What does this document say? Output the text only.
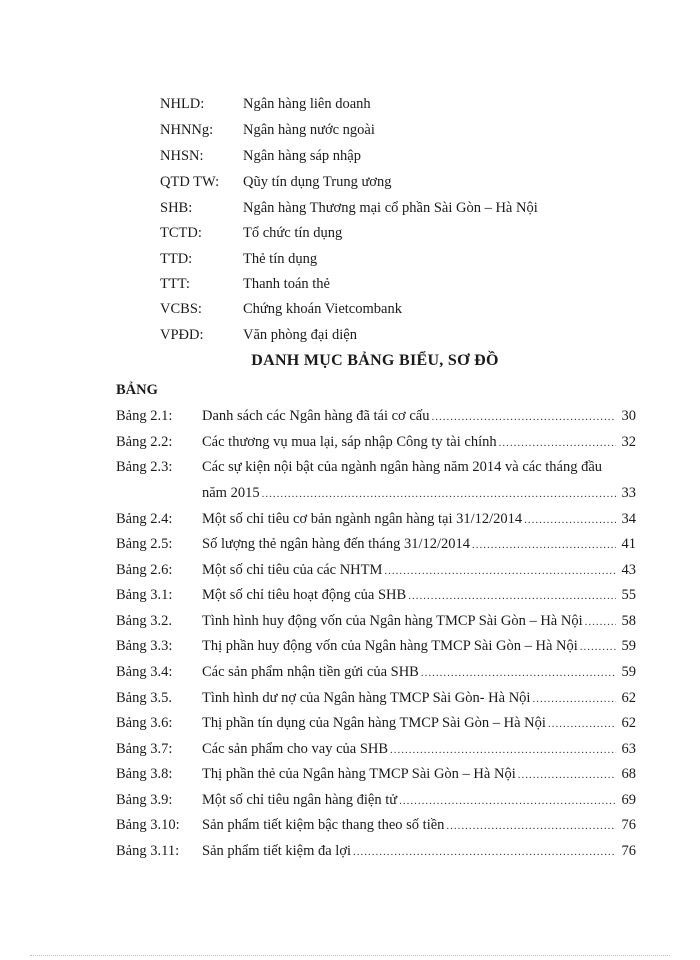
NHLD:	Ngân hàng liên doanh
NHNNg: Ngân hàng nước ngoài
NHSN:	Ngân hàng sáp nhập
QTD TW: Qũy tín dụng Trung ương
SHB:	Ngân hàng Thương mại cổ phần Sài Gòn – Hà Nội
TCTD:	Tổ chức tín dụng
TTD:	Thẻ tín dụng
TTT:	Thanh toán thẻ
VCBS:	Chứng khoán Vietcombank
VPĐD:	Văn phòng đại diện
DANH MỤC BẢNG BIỂU, SƠ ĐỒ
BẢNG
Bảng 2.1: Danh sách các Ngân hàng đã tái cơ cấu .....	30
Bảng 2.2: Các thương vụ mua lại, sáp nhập Công ty tài chính .....	32
Bảng 2.3: Các sự kiện nội bật của ngành ngân hàng năm 2014 và các tháng đầu
năm 2015 .....	33
Bảng 2.4: Một số chỉ tiêu cơ bản ngành ngân hàng tại 31/12/2014 .....	34
Bảng 2.5: Số lượng thẻ ngân hàng đến tháng 31/12/2014 .....	41
Bảng 2.6: Một số chỉ tiêu của các NHTM .....	43
Bảng 3.1: Một số chỉ tiêu hoạt động của SHB .....	55
Bảng 3.2. Tình hình huy động vốn của Ngân hàng TMCP Sài Gòn – Hà Nội .....	58
Bảng 3.3: Thị phần huy động vốn của Ngân hàng TMCP Sài Gòn – Hà Nội .....	59
Bảng 3.4: Các sản phẩm nhận tiền gửi của SHB .....	59
Bảng 3.5. Tình hình dư nợ của Ngân hàng TMCP Sài Gòn- Hà Nội .....	62
Bảng 3.6: Thị phần tín dụng của Ngân hàng TMCP Sài Gòn – Hà Nội .....	62
Bảng 3.7: Các sản phẩm cho vay của SHB .....	63
Bảng 3.8: Thị phần thẻ của Ngân hàng TMCP Sài Gòn – Hà Nội .....	68
Bảng 3.9: Một số chỉ tiêu ngân hàng điện tử .....	69
Bảng 3.10: Sản phẩm tiết kiệm bậc thang theo số tiền .....	76
Bảng 3.11: Sản phẩm tiết kiệm đa lợi .....	76
